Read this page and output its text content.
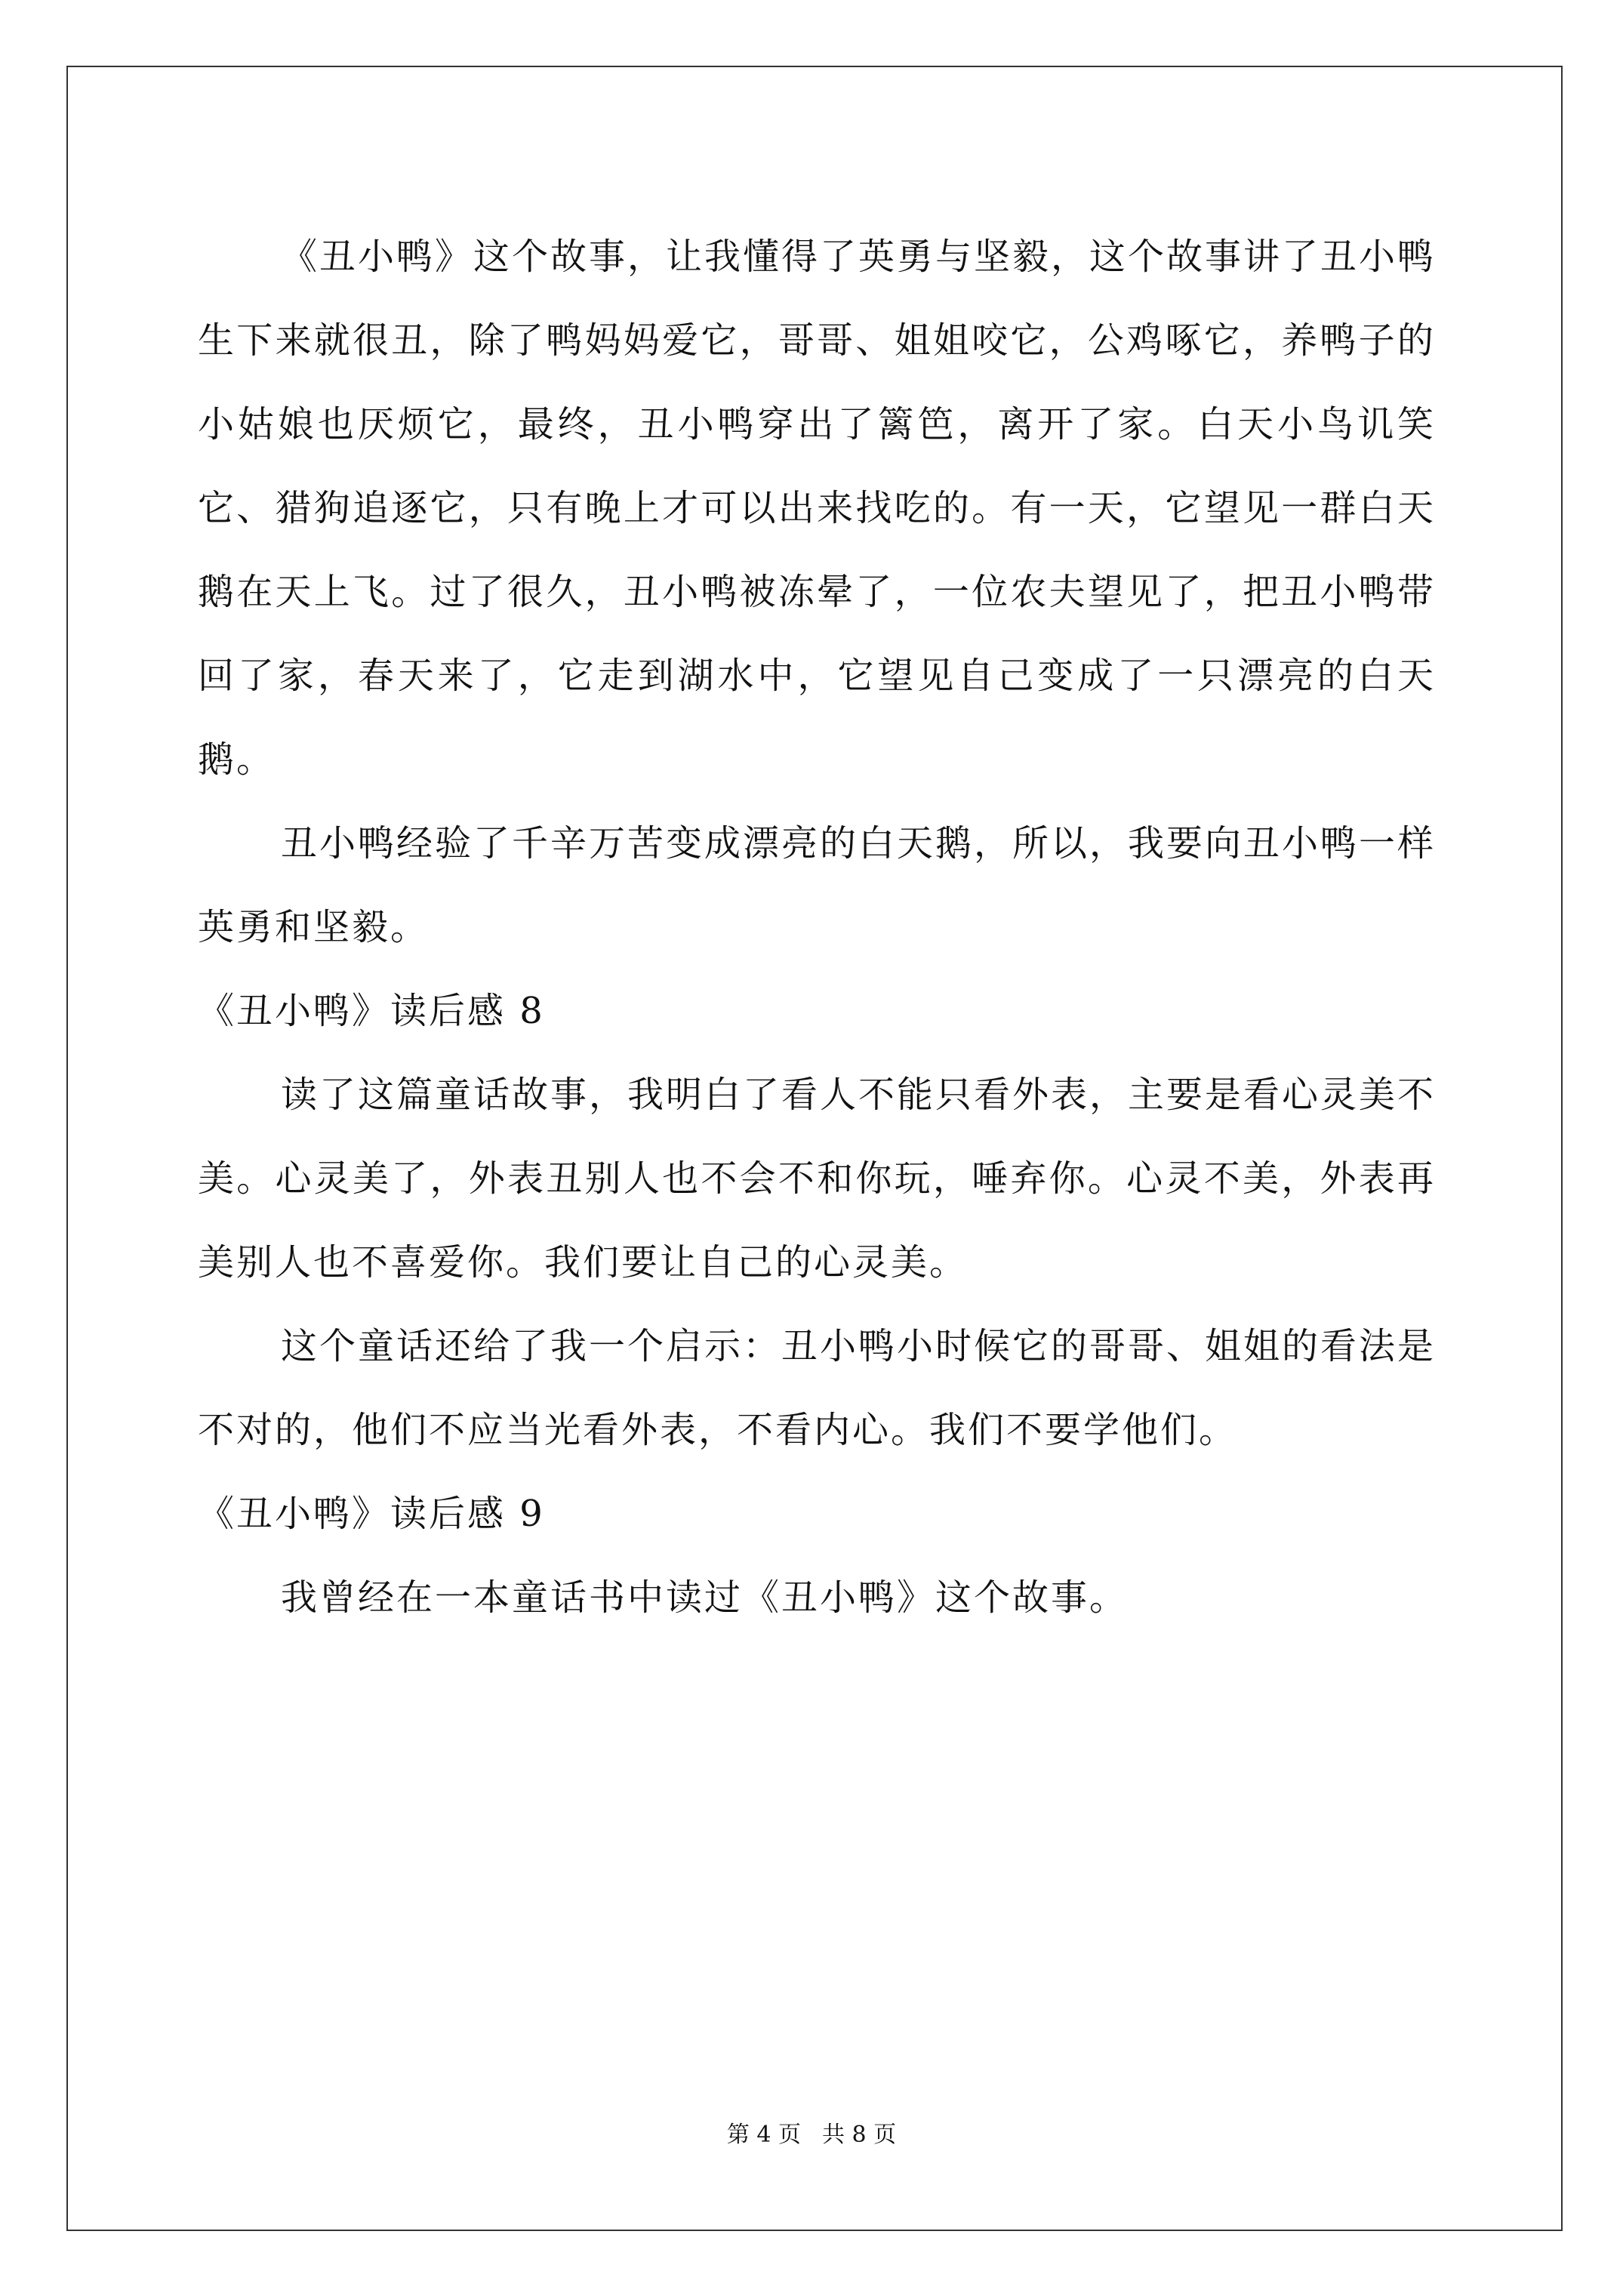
《丑小鸭》这个故事，让我懂得了英勇与坚毅，这个故事讲了丑小鸭生下来就很丑，除了鸭妈妈爱它，哥哥、姐姐咬它，公鸡啄它，养鸭子的小姑娘也厌烦它，最终，丑小鸭穿出了篱笆，离开了家。白天小鸟讥笑它、猎狗追逐它，只有晚上才可以出来找吃的。有一天，它望见一群白天鹅在天上飞。过了很久，丑小鸭被冻晕了，一位农夫望见了，把丑小鸭带回了家，春天来了，它走到湖水中，它望见自己变成了一只漂亮的白天鹅。

丑小鸭经验了千辛万苦变成漂亮的白天鹅，所以，我要向丑小鸭一样英勇和坚毅。

《丑小鸭》读后感 8

读了这篇童话故事，我明白了看人不能只看外表，主要是看心灵美不美。心灵美了，外表丑别人也不会不和你玩，唾弃你。心灵不美，外表再美别人也不喜爱你。我们要让自己的心灵美。

这个童话还给了我一个启示：丑小鸭小时候它的哥哥、姐姐的看法是不对的，他们不应当光看外表，不看内心。我们不要学他们。

《丑小鸭》读后感 9

我曾经在一本童话书中读过《丑小鸭》这个故事。

第 4 页 共 8 页
